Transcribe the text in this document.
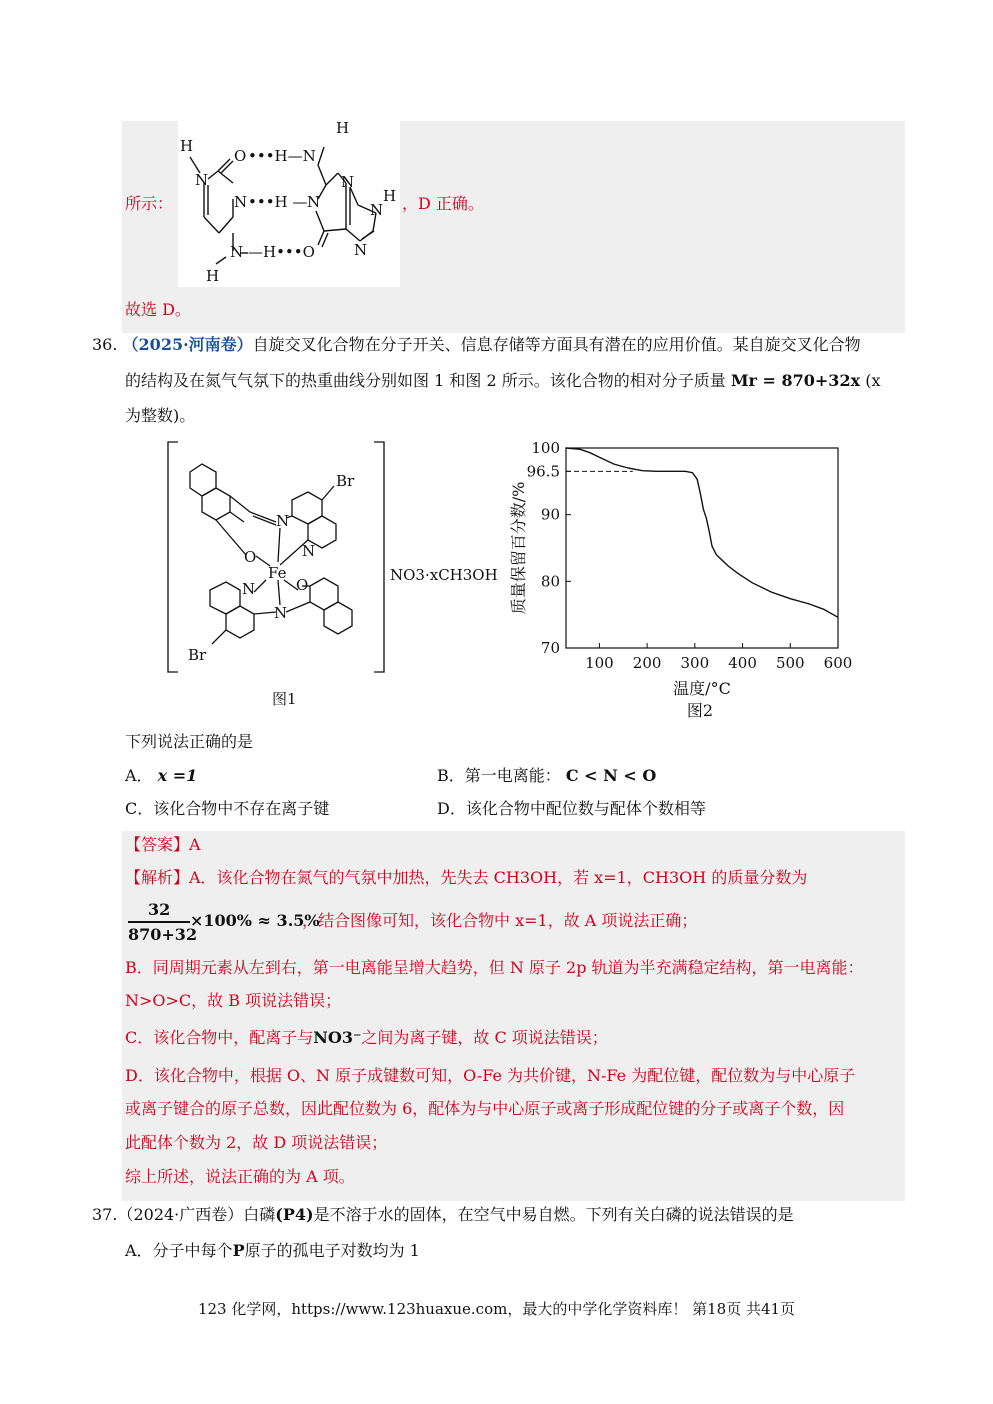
H
N
O •••H—N
N •••H — N
H
N
H
N
N
N —H•••O
H
所示：	，D 正确。
故选 D。
36. （2025·河南卷）自旋交叉化合物在分子开关、信息存储等方面具有潜在的应用价值。某自旋交叉化合物
的结构及在氮气气氛下的热重曲线分别如图 1 和图 2 所示。该化合物的相对分子质量 Mr = 870+32x (x
为整数)。
Br
N
O	N
Fe
O
N
N
Br
NO3·xCH3OH
图1
70
80
90
96.5
100
100 200 300 400 500 600
质量保留百分数/%
温度/°C
图2
下列说法正确的是
A． x =1	B．第一电离能： C < N < O
C．该化合物中不存在离子键	D．该化合物中配位数与配体个数相等
【答案】A
【解析】A．该化合物在氮气的气氛中加热，先失去 CH3OH，若 x=1，CH3OH 的质量分数为
32
870+32
×100% ≈ 3.5%
，结合图像可知，该化合物中 x=1，故 A 项说法正确；
B．同周期元素从左到右，第一电离能呈增大趋势，但 N 原子 2p 轨道为半充满稳定结构，第一电离能：
N>O>C，故 B 项说法错误；
C．该化合物中，配离子与NO3⁻之间为离子键，故 C 项说法错误；
D．该化合物中，根据 O、N 原子成键数可知，O-Fe 为共价键，N-Fe 为配位键，配位数为与中心原子
或离子键合的原子总数，因此配位数为 6，配体为与中心原子或离子形成配位键的分子或离子个数，因
此配体个数为 2，故 D 项说法错误；
综上所述，说法正确的为 A 项。
37.（2024·广西卷）白磷(P4)是不溶于水的固体，在空气中易自燃。下列有关白磷的说法错误的是
A．分子中每个P原子的孤电子对数均为 1
123 化学网，https://www.123huaxue.com，最大的中学化学资料库！ 第18页 共41页
